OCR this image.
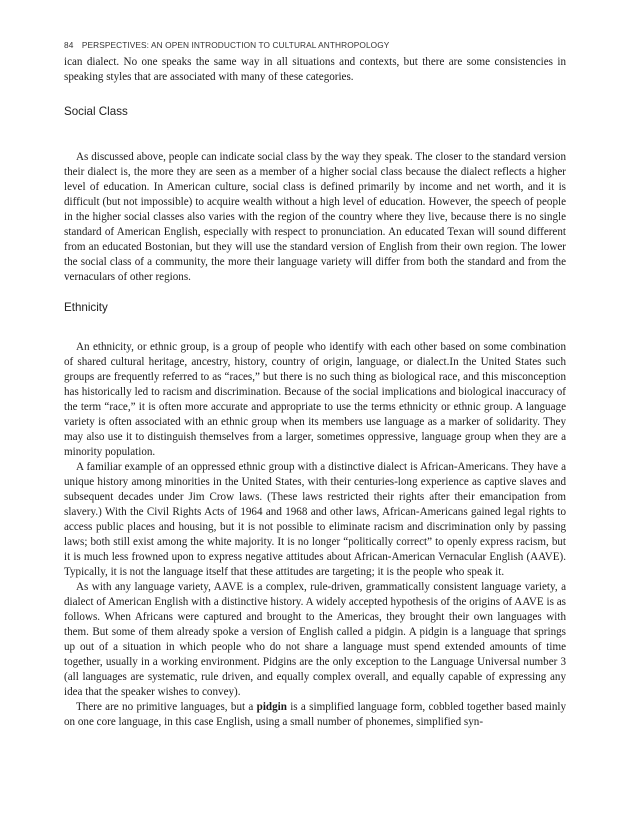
84 PERSPECTIVES: AN OPEN INTRODUCTION TO CULTURAL ANTHROPOLOGY

ican dialect. No one speaks the same way in all situations and contexts, but there are some consistencies in speaking styles that are associated with many of these categories.

Social Class

As discussed above, people can indicate social class by the way they speak. The closer to the standard version their dialect is, the more they are seen as a member of a higher social class because the dialect reflects a higher level of education. In American culture, social class is defined primarily by income and net worth, and it is difficult (but not impossible) to acquire wealth without a high level of education. However, the speech of people in the higher social classes also varies with the region of the country where they live, because there is no single standard of American English, especially with respect to pronunciation. An educated Texan will sound different from an educated Bostonian, but they will use the standard version of English from their own region. The lower the social class of a community, the more their language variety will differ from both the standard and from the vernaculars of other regions.

Ethnicity

An ethnicity, or ethnic group, is a group of people who identify with each other based on some combination of shared cultural heritage, ancestry, history, country of origin, language, or dialect.In the United States such groups are frequently referred to as “races,” but there is no such thing as biological race, and this misconception has historically led to racism and discrimination. Because of the social implications and biological inaccuracy of the term “race,” it is often more accurate and appropriate to use the terms ethnicity or ethnic group. A language variety is often associated with an ethnic group when its members use language as a marker of solidarity. They may also use it to distinguish themselves from a larger, sometimes oppressive, language group when they are a minority population.

A familiar example of an oppressed ethnic group with a distinctive dialect is African-Americans. They have a unique history among minorities in the United States, with their centuries-long experience as captive slaves and subsequent decades under Jim Crow laws. (These laws restricted their rights after their emancipation from slavery.) With the Civil Rights Acts of 1964 and 1968 and other laws, African-Americans gained legal rights to access public places and housing, but it is not possible to eliminate racism and discrimination only by passing laws; both still exist among the white majority. It is no longer “politically correct” to openly express racism, but it is much less frowned upon to express negative attitudes about African-American Vernacular English (AAVE). Typically, it is not the language itself that these attitudes are targeting; it is the people who speak it.

As with any language variety, AAVE is a complex, rule-driven, grammatically consistent language variety, a dialect of American English with a distinctive history. A widely accepted hypothesis of the origins of AAVE is as follows. When Africans were captured and brought to the Americas, they brought their own languages with them. But some of them already spoke a version of English called a pidgin. A pidgin is a language that springs up out of a situation in which people who do not share a language must spend extended amounts of time together, usually in a working environment. Pidgins are the only exception to the Language Universal number 3 (all languages are systematic, rule driven, and equally complex overall, and equally capable of expressing any idea that the speaker wishes to convey).

There are no primitive languages, but a pidgin is a simplified language form, cobbled together based mainly on one core language, in this case English, using a small number of phonemes, simplified syn-
